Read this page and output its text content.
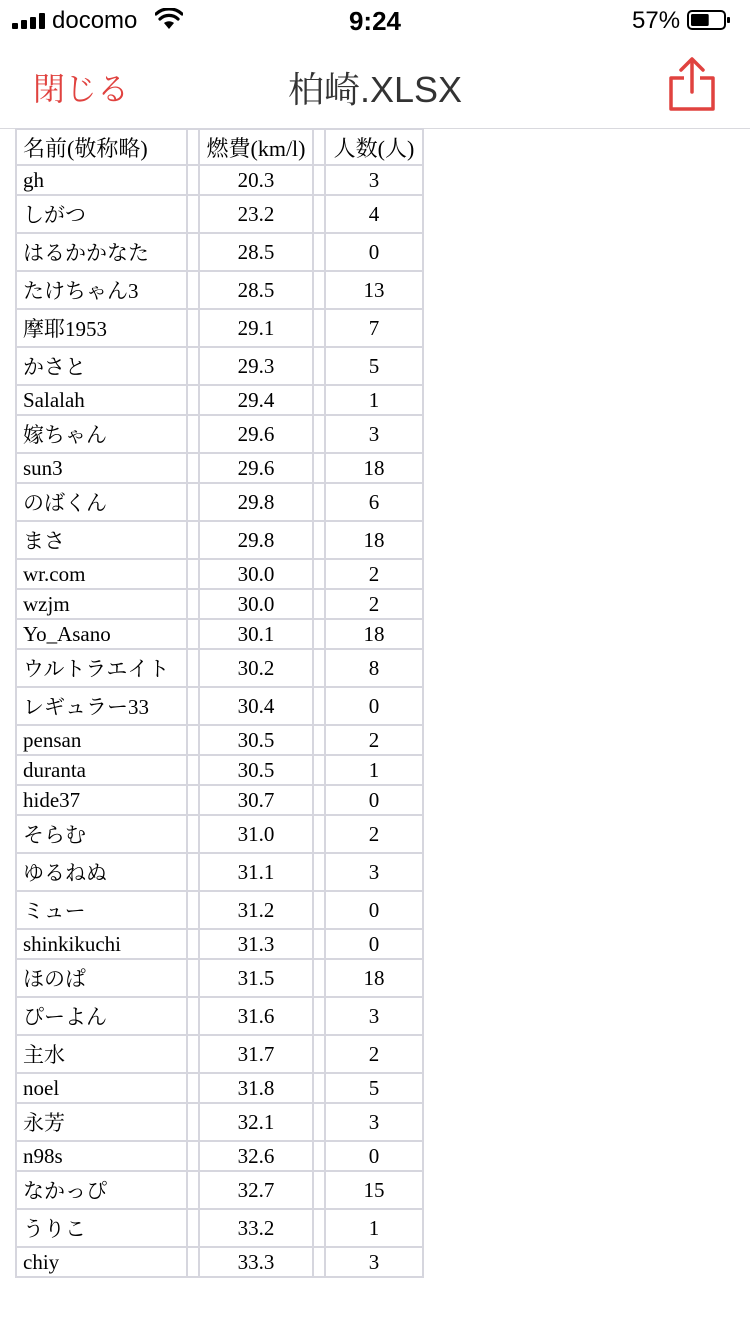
docomo	9:24	57%
閉じる	柏崎.XLSX
名前(敬称略)		燃費(km/l)		人数(人)
gh		20.3		3
しがつ		23.2		4
はるかかなた		28.5		0
たけちゃん3		28.5		13
摩耶1953		29.1		7
かさと		29.3		5
Salalah		29.4		1
嫁ちゃん		29.6		3
sun3		29.6		18
のばくん		29.8		6
まさ		29.8		18
wr.com		30.0		2
wzjm		30.0		2
Yo_Asano		30.1		18
ウルトラエイト		30.2		8
レギュラー33		30.4		0
pensan		30.5		2
duranta		30.5		1
hide37		30.7		0
そらむ		31.0		2
ゆるねぬ		31.1		3
ミュー		31.2		0
shinkikuchi		31.3		0
ほのぱ		31.5		18
ぴーよん		31.6		3
主水		31.7		2
noel		31.8		5
永芳		32.1		3
n98s		32.6		0
なかっぴ		32.7		15
うりこ		33.2		1
chiy		33.3		3
